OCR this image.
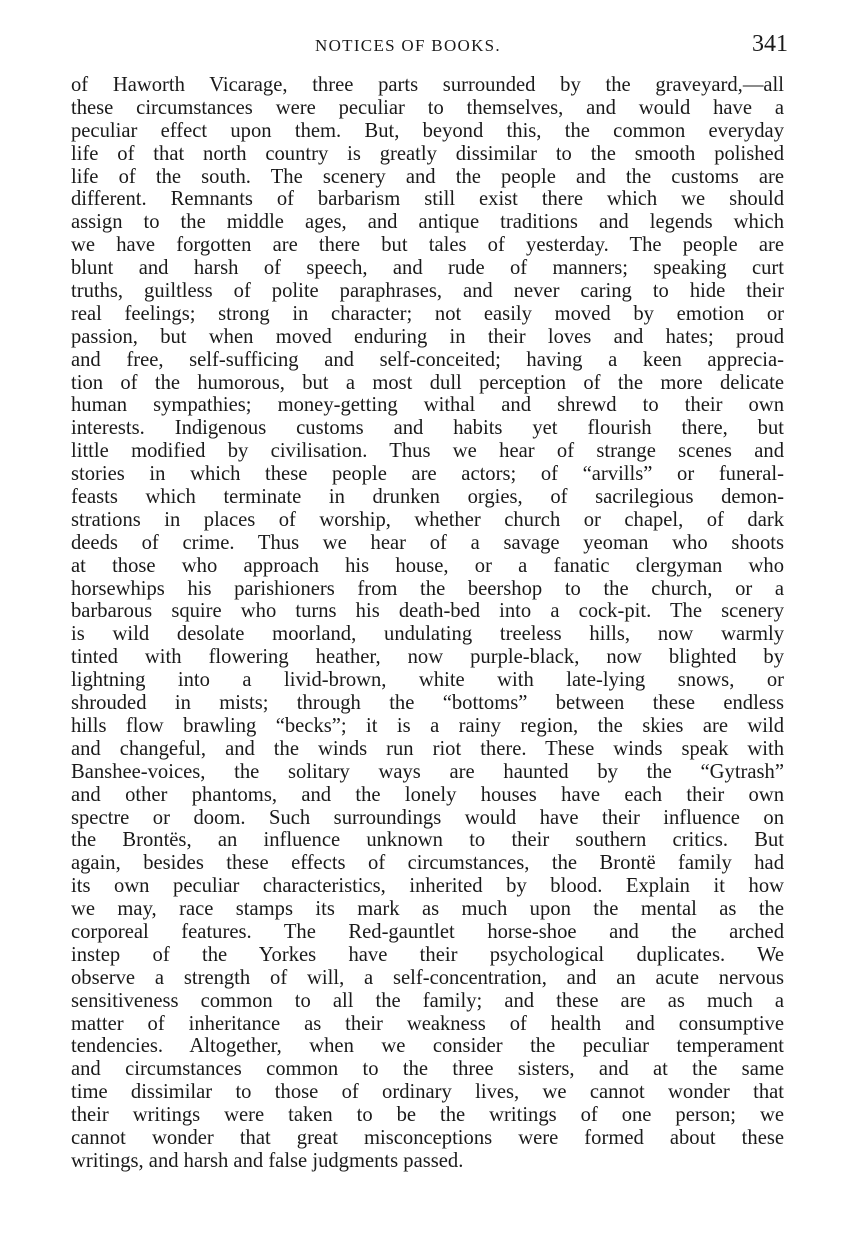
NOTICES OF BOOKS.	341
of Haworth Vicarage, three parts surrounded by the graveyard,—all
these circumstances were peculiar to themselves, and would have a
peculiar effect upon them. But, beyond this, the common everyday
life of that north country is greatly dissimilar to the smooth polished
life of the south. The scenery and the people and the customs are
different. Remnants of barbarism still exist there which we should
assign to the middle ages, and antique traditions and legends which
we have forgotten are there but tales of yesterday. The people are
blunt and harsh of speech, and rude of manners; speaking curt
truths, guiltless of polite paraphrases, and never caring to hide their
real feelings; strong in character; not easily moved by emotion or
passion, but when moved enduring in their loves and hates; proud
and free, self-sufficing and self-conceited; having a keen apprecia-
tion of the humorous, but a most dull perception of the more delicate
human sympathies; money-getting withal and shrewd to their own
interests. Indigenous customs and habits yet flourish there, but
little modified by civilisation. Thus we hear of strange scenes and
stories in which these people are actors; of “arvills” or funeral-
feasts which terminate in drunken orgies, of sacrilegious demon-
strations in places of worship, whether church or chapel, of dark
deeds of crime. Thus we hear of a savage yeoman who shoots
at those who approach his house, or a fanatic clergyman who
horsewhips his parishioners from the beershop to the church, or a
barbarous squire who turns his death-bed into a cock-pit. The scenery
is wild desolate moorland, undulating treeless hills, now warmly
tinted with flowering heather, now purple-black, now blighted by
lightning into a livid-brown, white with late-lying snows, or
shrouded in mists; through the “bottoms” between these endless
hills flow brawling “becks”; it is a rainy region, the skies are wild
and changeful, and the winds run riot there. These winds speak with
Banshee-voices, the solitary ways are haunted by the “Gytrash”
and other phantoms, and the lonely houses have each their own
spectre or doom. Such surroundings would have their influence on
the Brontës, an influence unknown to their southern critics. But
again, besides these effects of circumstances, the Brontë family had
its own peculiar characteristics, inherited by blood. Explain it how
we may, race stamps its mark as much upon the mental as the
corporeal features. The Red-gauntlet horse-shoe and the arched
instep of the Yorkes have their psychological duplicates. We
observe a strength of will, a self-concentration, and an acute nervous
sensitiveness common to all the family; and these are as much a
matter of inheritance as their weakness of health and consumptive
tendencies. Altogether, when we consider the peculiar temperament
and circumstances common to the three sisters, and at the same
time dissimilar to those of ordinary lives, we cannot wonder that
their writings were taken to be the writings of one person; we
cannot wonder that great misconceptions were formed about these
writings, and harsh and false judgments passed.
